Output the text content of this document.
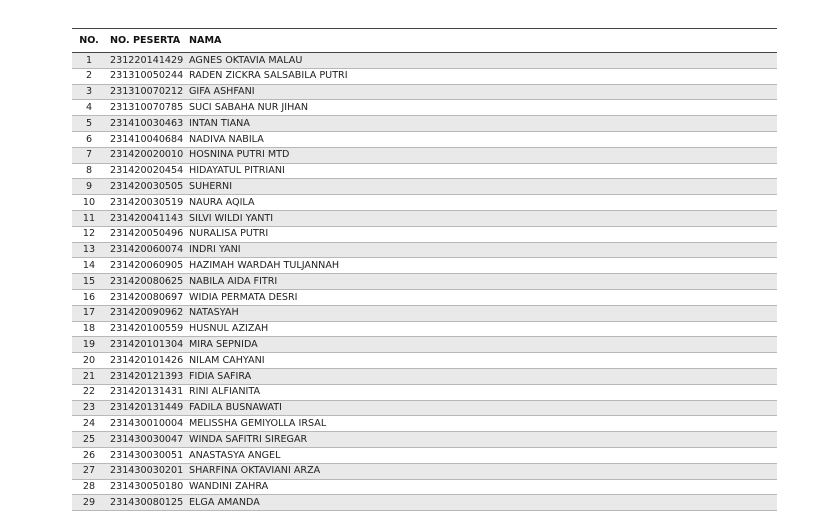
NO.	NO. PESERTA	NAMA
1	231220141429	AGNES OKTAVIA MALAU
2	231310050244	RADEN ZICKRA SALSABILA PUTRI
3	231310070212	GIFA ASHFANI
4	231310070785	SUCI SABAHA NUR JIHAN
5	231410030463	INTAN TIANA
6	231410040684	NADIVA NABILA
7	231420020010	HOSNINA PUTRI MTD
8	231420020454	HIDAYATUL PITRIANI
9	231420030505	SUHERNI
10	231420030519	NAURA AQILA
11	231420041143	SILVI WILDI YANTI
12	231420050496	NURALISA PUTRI
13	231420060074	INDRI YANI
14	231420060905	HAZIMAH WARDAH TULJANNAH
15	231420080625	NABILA AIDA FITRI
16	231420080697	WIDIA PERMATA DESRI
17	231420090962	NATASYAH
18	231420100559	HUSNUL AZIZAH
19	231420101304	MIRA SEPNIDA
20	231420101426	NILAM CAHYANI
21	231420121393	FIDIA SAFIRA
22	231420131431	RINI ALFIANITA
23	231420131449	FADILA BUSNAWATI
24	231430010004	MELISSHA GEMIYOLLA IRSAL
25	231430030047	WINDA SAFITRI SIREGAR
26	231430030051	ANASTASYA ANGEL
27	231430030201	SHARFINA OKTAVIANI ARZA
28	231430050180	WANDINI ZAHRA
29	231430080125	ELGA AMANDA
